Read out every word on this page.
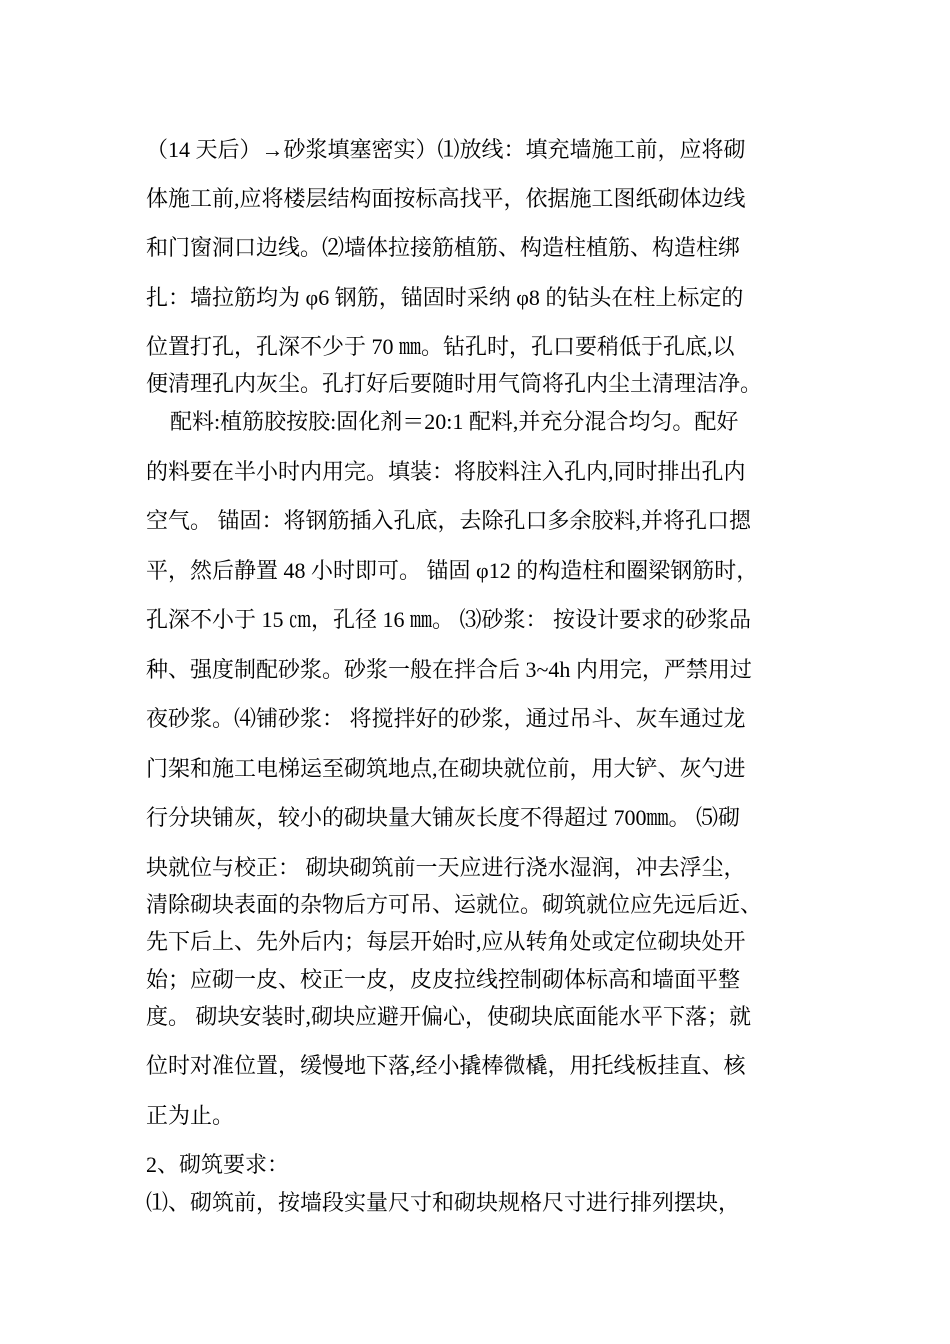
（14 天后）→砂浆填塞密实）⑴放线：填充墙施工前，应将砌
体施工前,应将楼层结构面按标高找平，依据施工图纸砌体边线
和门窗洞口边线。⑵墙体拉接筋植筋、构造柱植筋、构造柱绑
扎：墙拉筋均为 φ6 钢筋，锚固时采纳 φ8 的钻头在柱上标定的
位置打孔，孔深不少于 70 ㎜。钻孔时，孔口要稍低于孔底,以
便清理孔内灰尘。孔打好后要随时用气筒将孔内尘土清理洁净。
配料:植筋胶按胶:固化剂＝20:1 配料,并充分混合均匀。配好
的料要在半小时内用完。填装：将胶料注入孔内,同时排出孔内
空气。 锚固：将钢筋插入孔底，去除孔口多余胶料,并将孔口摁
平，然后静置 48 小时即可。 锚固 φ12 的构造柱和圈梁钢筋时，
孔深不小于 15 ㎝，孔径 16 ㎜。 ⑶砂浆： 按设计要求的砂浆品
种、强度制配砂浆。砂浆一般在拌合后 3~4h 内用完，严禁用过
夜砂浆。⑷铺砂浆： 将搅拌好的砂浆，通过吊斗、灰车通过龙
门架和施工电梯运至砌筑地点,在砌块就位前，用大铲、灰勺进
行分块铺灰，较小的砌块量大铺灰长度不得超过 700㎜。 ⑸砌
块就位与校正： 砌块砌筑前一天应进行浇水湿润，冲去浮尘，
清除砌块表面的杂物后方可吊、运就位。砌筑就位应先远后近、
先下后上、先外后内；每层开始时,应从转角处或定位砌块处开
始；应砌一皮、校正一皮，皮皮拉线控制砌体标高和墙面平整
度。 砌块安装时,砌块应避开偏心，使砌块底面能水平下落；就
位时对准位置，缓慢地下落,经小撬棒微橇，用托线板挂直、核
正为止。
2、砌筑要求：
⑴、砌筑前，按墙段实量尺寸和砌块规格尺寸进行排列摆块，
